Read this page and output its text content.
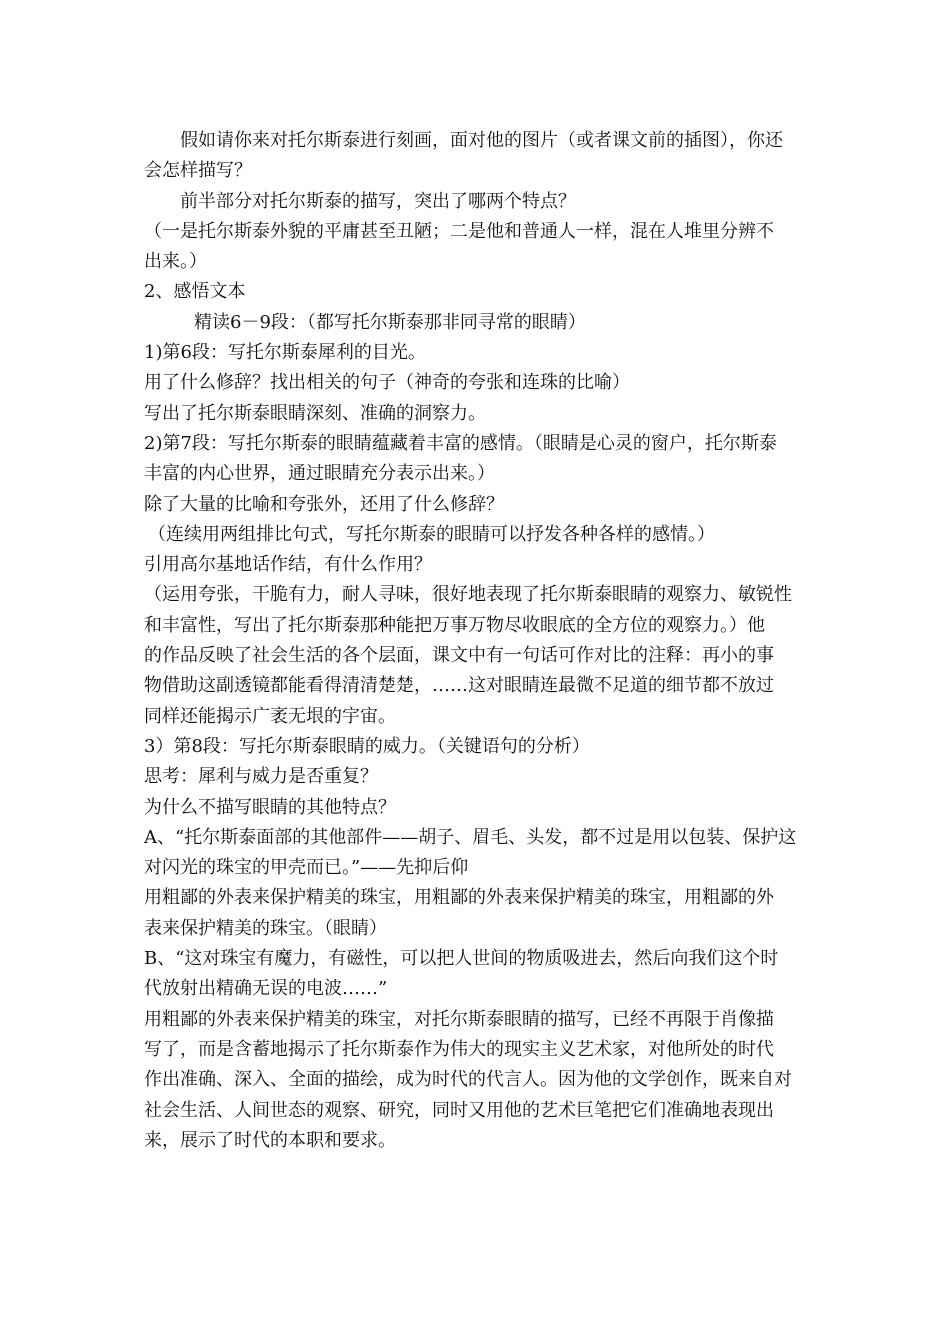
假如请你来对托尔斯泰进行刻画，面对他的图片（或者课文前的插图），你还
会怎样描写？
前半部分对托尔斯泰的描写，突出了哪两个特点？
（一是托尔斯泰外貌的平庸甚至丑陋；二是他和普通人一样，混在人堆里分辨不
出来。）
2、感悟文本
精读6－9段：（都写托尔斯泰那非同寻常的眼睛）
1)第6段：写托尔斯泰犀利的目光。
用了什么修辞？找出相关的句子（神奇的夸张和连珠的比喻）
写出了托尔斯泰眼睛深刻、准确的洞察力。
2)第7段：写托尔斯泰的眼睛蕴藏着丰富的感情。（眼睛是心灵的窗户，托尔斯泰
丰富的内心世界，通过眼睛充分表示出来。）
除了大量的比喻和夸张外，还用了什么修辞？
（连续用两组排比句式，写托尔斯泰的眼睛可以抒发各种各样的感情。）
引用高尔基地话作结，有什么作用？
（运用夸张，干脆有力，耐人寻味，很好地表现了托尔斯泰眼睛的观察力、敏锐性
和丰富性，写出了托尔斯泰那种能把万事万物尽收眼底的全方位的观察力。）他
的作品反映了社会生活的各个层面，课文中有一句话可作对比的注释：再小的事
物借助这副透镜都能看得清清楚楚，……这对眼睛连最微不足道的细节都不放过
同样还能揭示广袤无垠的宇宙。
3）第8段：写托尔斯泰眼睛的威力。（关键语句的分析）
思考：犀利与威力是否重复？
为什么不描写眼睛的其他特点？
A、“托尔斯泰面部的其他部件——胡子、眉毛、头发，都不过是用以包装、保护这
对闪光的珠宝的甲壳而已。”——先抑后仰
用粗鄙的外表来保护精美的珠宝，用粗鄙的外表来保护精美的珠宝，用粗鄙的外
表来保护精美的珠宝。（眼睛）
B、“这对珠宝有魔力，有磁性，可以把人世间的物质吸进去，然后向我们这个时
代放射出精确无误的电波……”
用粗鄙的外表来保护精美的珠宝，对托尔斯泰眼睛的描写，已经不再限于肖像描
写了，而是含蓄地揭示了托尔斯泰作为伟大的现实主义艺术家，对他所处的时代
作出准确、深入、全面的描绘，成为时代的代言人。因为他的文学创作，既来自对
社会生活、人间世态的观察、研究，同时又用他的艺术巨笔把它们准确地表现出
来，展示了时代的本职和要求。
